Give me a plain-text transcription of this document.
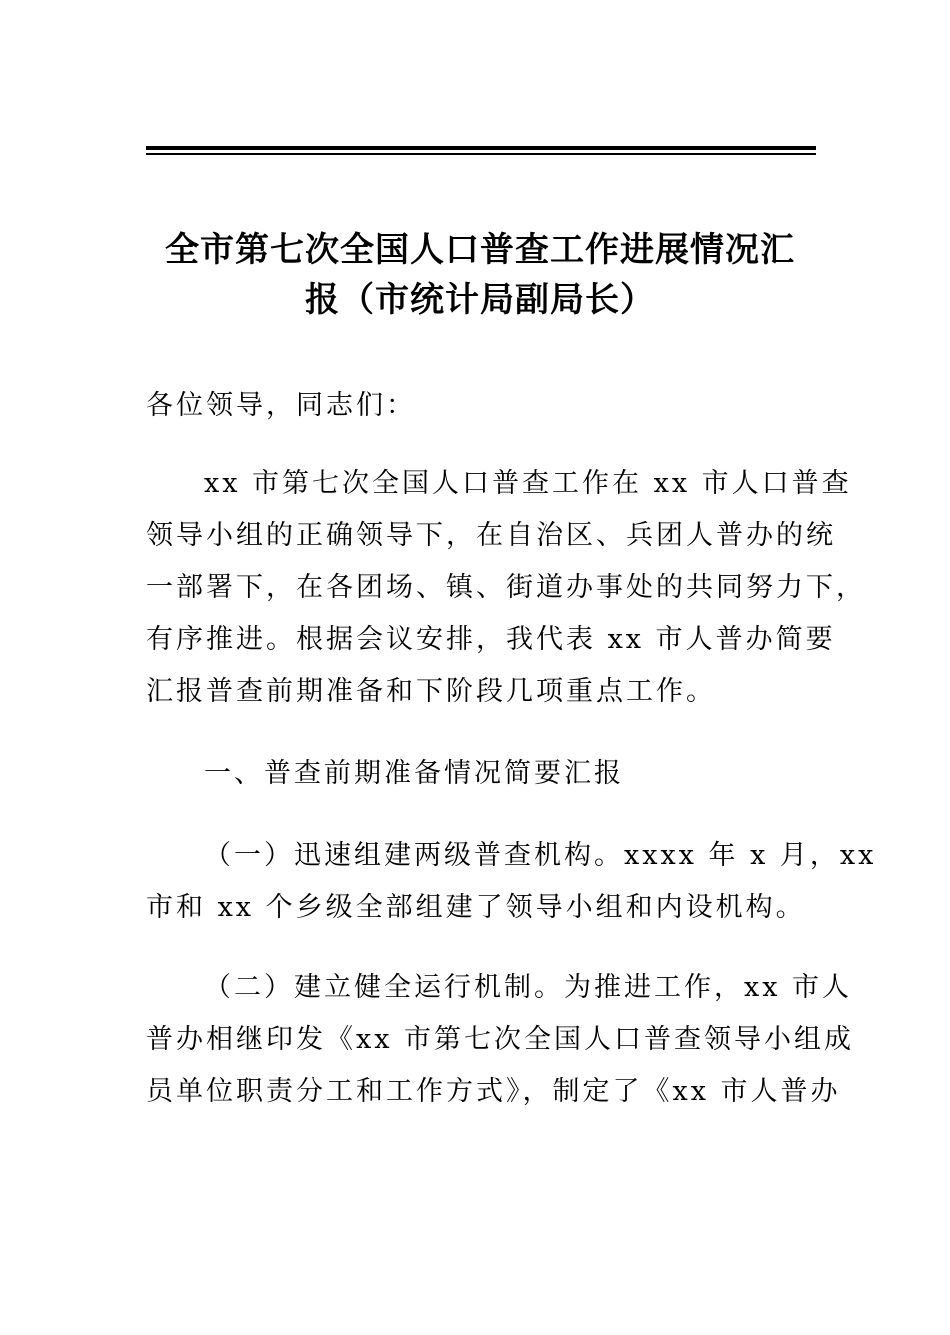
全市第七次全国人口普查工作进展情况汇
报（市统计局副局长）
各位领导，同志们：
xx 市第七次全国人口普查工作在 xx 市人口普查
领导小组的正确领导下，在自治区、兵团人普办的统
一部署下，在各团场、镇、街道办事处的共同努力下，
有序推进。根据会议安排，我代表 xx 市人普办简要
汇报普查前期准备和下阶段几项重点工作。
一、普查前期准备情况简要汇报
（一）迅速组建两级普查机构。xxxx 年 x 月，xx
市和 xx 个乡级全部组建了领导小组和内设机构。
（二）建立健全运行机制。为推进工作，xx 市人
普办相继印发《xx 市第七次全国人口普查领导小组成
员单位职责分工和工作方式》，制定了《xx 市人普办
